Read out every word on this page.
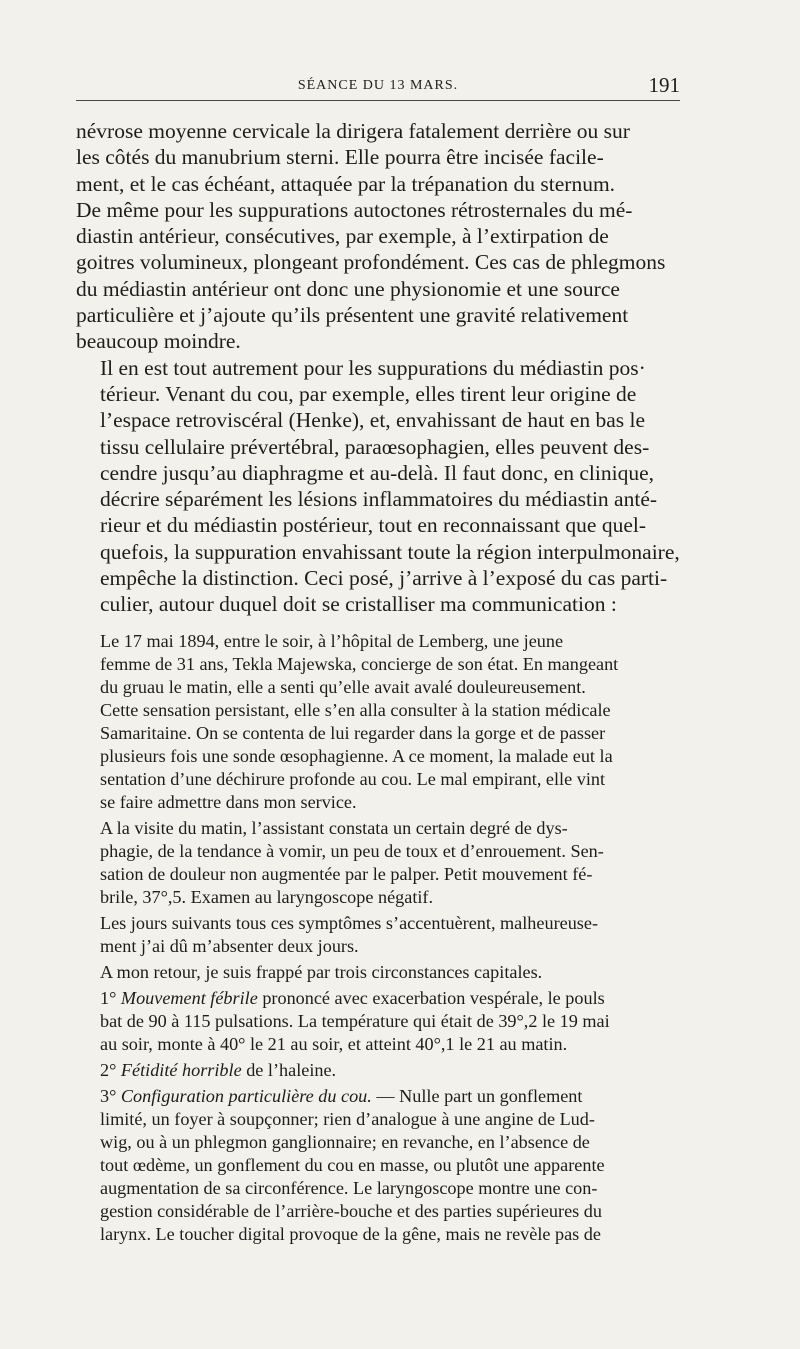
SÉANCE DU 13 MARS.	191

névrose moyenne cervicale la dirigera fatalement derrière ou sur
les côtés du manubrium sterni. Elle pourra être incisée facile-
ment, et le cas échéant, attaquée par la trépanation du sternum.
De même pour les suppurations autoctones rétrosternales du mé-
diastin antérieur, consécutives, par exemple, à l’extirpation de
goitres volumineux, plongeant profondément. Ces cas de phlegmons
du médiastin antérieur ont donc une physionomie et une source
particulière et j’ajoute qu’ils présentent une gravité relativement
beaucoup moindre.

Il en est tout autrement pour les suppurations du médiastin pos·
térieur. Venant du cou, par exemple, elles tirent leur origine de
l’espace retroviscéral (Henke), et, envahissant de haut en bas le
tissu cellulaire prévertébral, paraœsophagien, elles peuvent des-
cendre jusqu’au diaphragme et au-delà. Il faut donc, en clinique,
décrire séparément les lésions inflammatoires du médiastin anté-
rieur et du médiastin postérieur, tout en reconnaissant que quel-
quefois, la suppuration envahissant toute la région interpulmonaire,
empêche la distinction. Ceci posé, j’arrive à l’exposé du cas parti-
culier, autour duquel doit se cristalliser ma communication :

Le 17 mai 1894, entre le soir, à l’hôpital de Lemberg, une jeune
femme de 31 ans, Tekla Majewska, concierge de son état. En mangeant
du gruau le matin, elle a senti qu’elle avait avalé douleureusement.
Cette sensation persistant, elle s’en alla consulter à la station médicale
Samaritaine. On se contenta de lui regarder dans la gorge et de passer
plusieurs fois une sonde œsophagienne. A ce moment, la malade eut la
sentation d’une déchirure profonde au cou. Le mal empirant, elle vint
se faire admettre dans mon service.

A la visite du matin, l’assistant constata un certain degré de dys-
phagie, de la tendance à vomir, un peu de toux et d’enrouement. Sen-
sation de douleur non augmentée par le palper. Petit mouvement fé-
brile, 37°,5. Examen au laryngoscope négatif.

Les jours suivants tous ces symptômes s’accentuèrent, malheureuse-
ment j’ai dû m’absenter deux jours.

A mon retour, je suis frappé par trois circonstances capitales.

1° Mouvement fébrile prononcé avec exacerbation vespérale, le pouls
bat de 90 à 115 pulsations. La température qui était de 39°,2 le 19 mai
au soir, monte à 40° le 21 au soir, et atteint 40°,1 le 21 au matin.

2° Fétidité horrible de l’haleine.

3° Configuration particulière du cou. — Nulle part un gonflement
limité, un foyer à soupçonner; rien d’analogue à une angine de Lud-
wig, ou à un phlegmon ganglionnaire; en revanche, en l’absence de
tout œdème, un gonflement du cou en masse, ou plutôt une apparente
augmentation de sa circonférence. Le laryngoscope montre une con-
gestion considérable de l’arrière-bouche et des parties supérieures du
larynx. Le toucher digital provoque de la gêne, mais ne revèle pas de
